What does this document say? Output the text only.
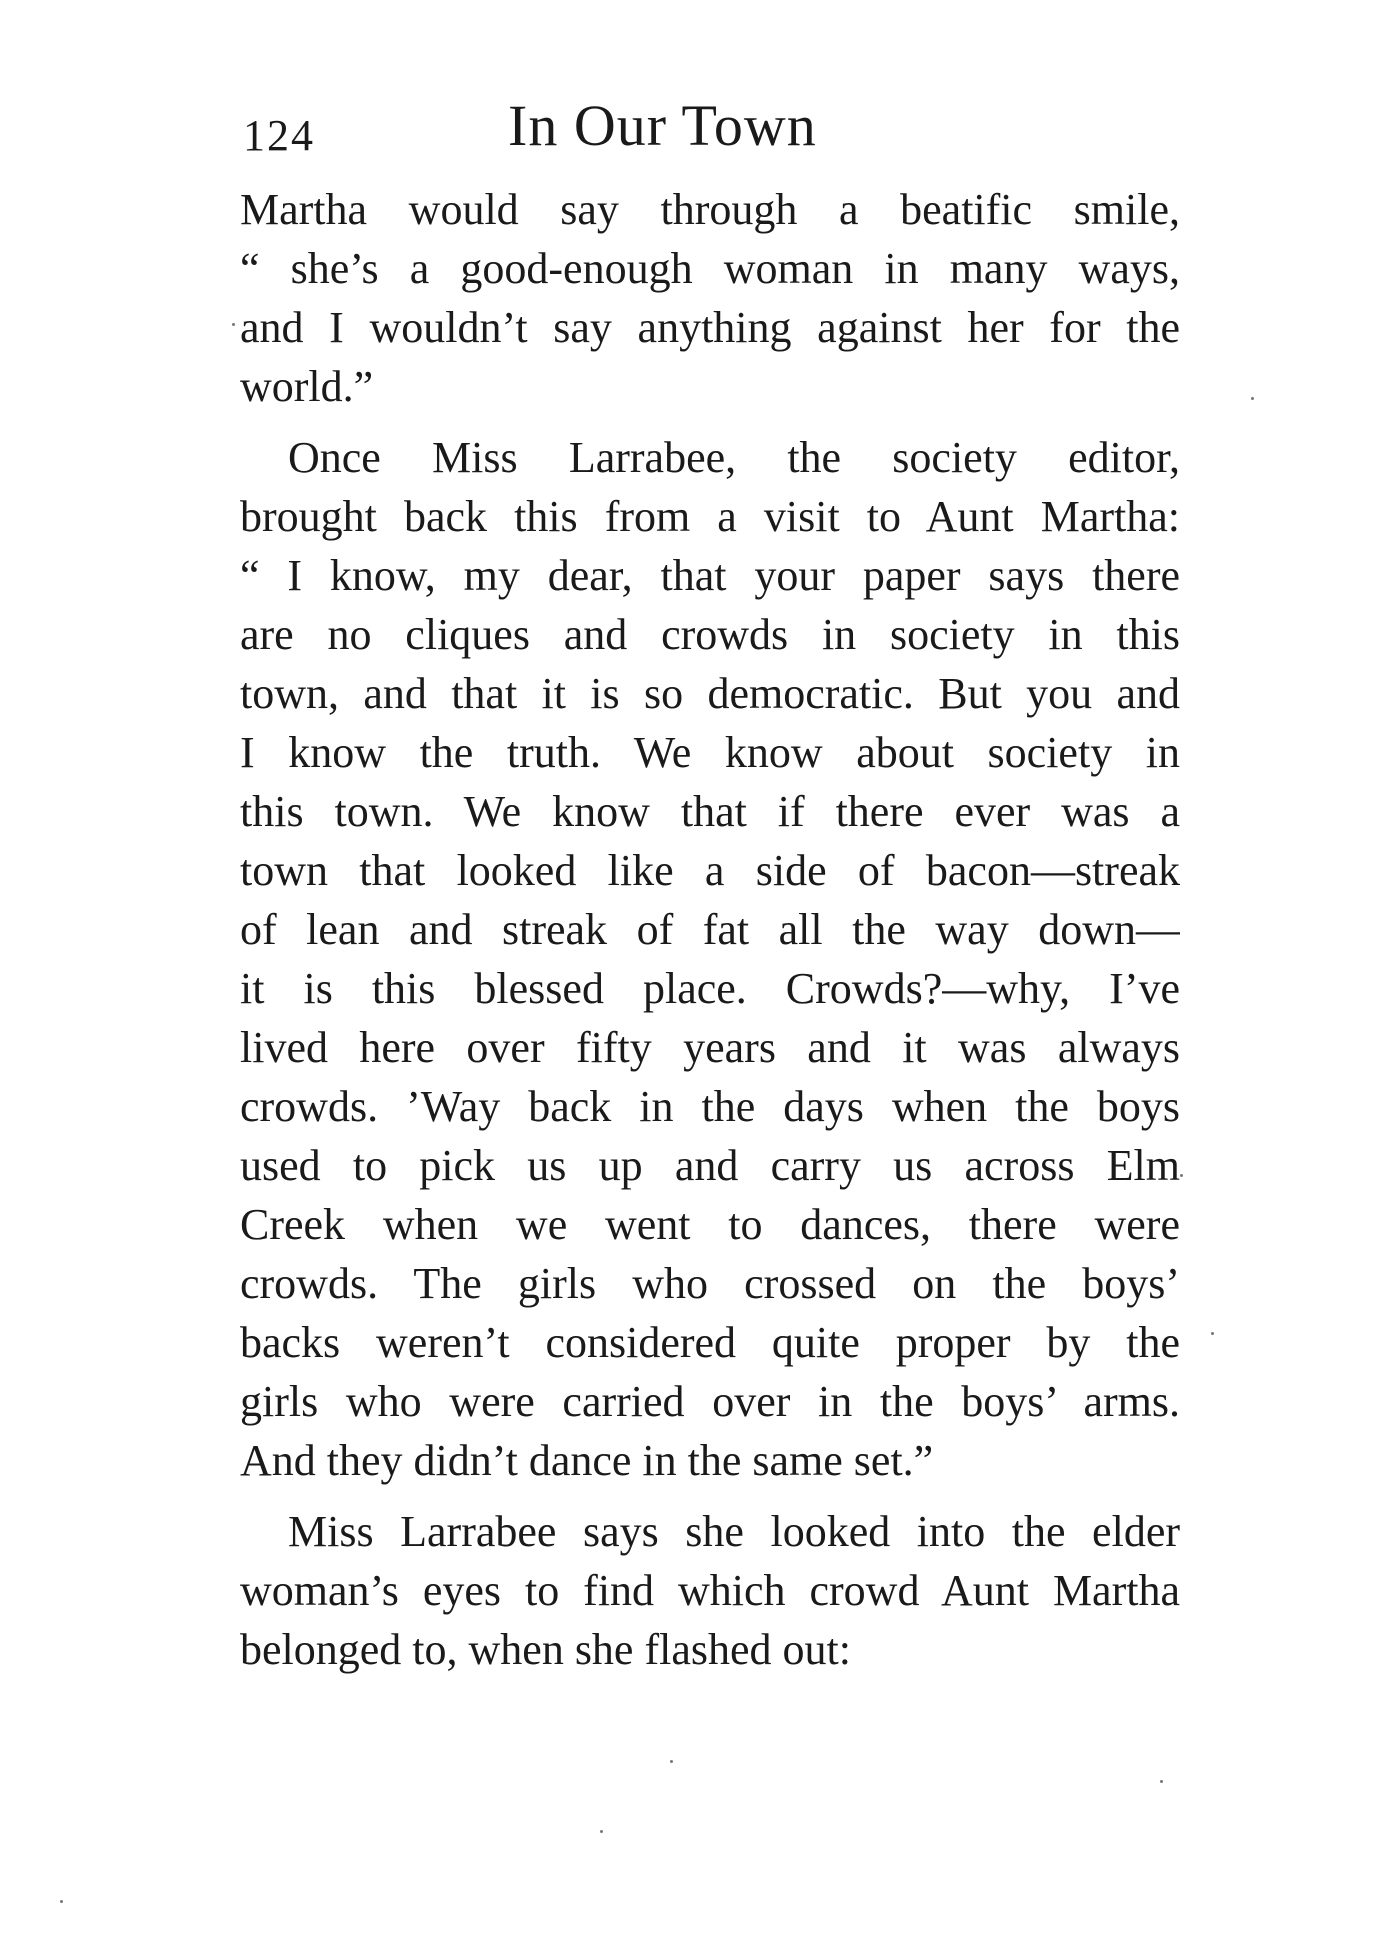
124	In Our Town
Martha would say through a beatific smile,
“ she’s a good-enough woman in many ways,
and I wouldn’t say anything against her for the
world.”
Once Miss Larrabee, the society editor,
brought back this from a visit to Aunt Martha:
“ I know, my dear, that your paper says there
are no cliques and crowds in society in this
town, and that it is so democratic. But you and
I know the truth. We know about society in
this town. We know that if there ever was a
town that looked like a side of bacon—streak
of lean and streak of fat all the way down—
it is this blessed place. Crowds?—why, I’ve
lived here over fifty years and it was always
crowds. ’Way back in the days when the boys
used to pick us up and carry us across Elm
Creek when we went to dances, there were
crowds. The girls who crossed on the boys’
backs weren’t considered quite proper by the
girls who were carried over in the boys’ arms.
And they didn’t dance in the same set.”
Miss Larrabee says she looked into the elder
woman’s eyes to find which crowd Aunt Martha
belonged to, when she flashed out:
